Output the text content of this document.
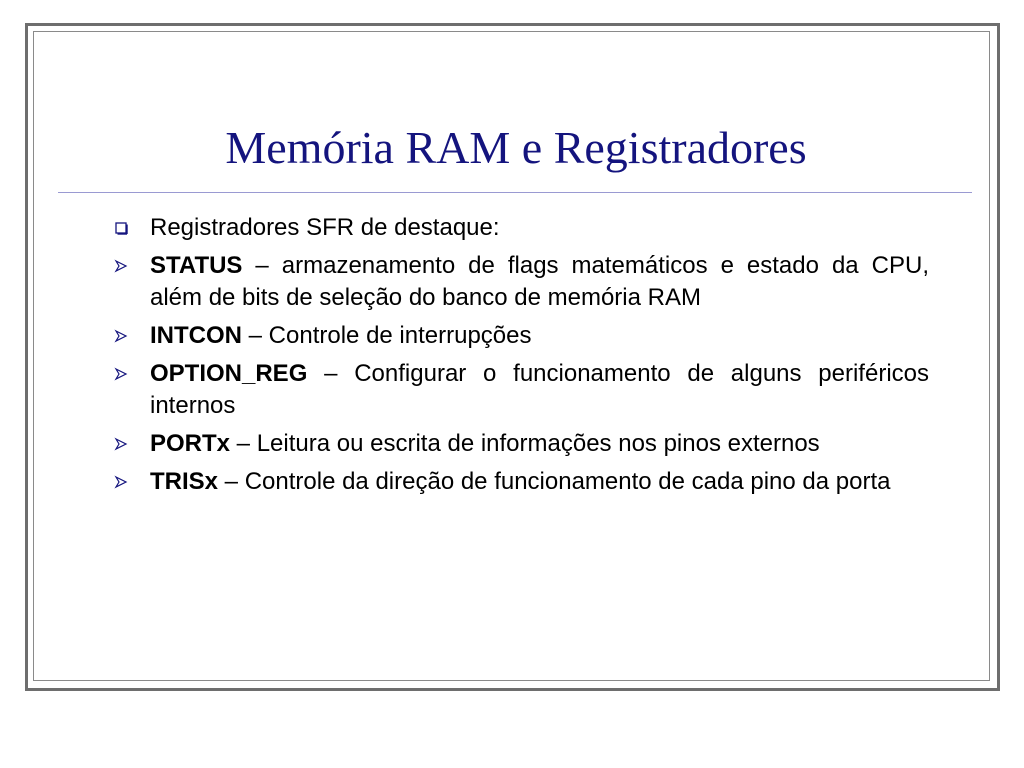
Memória RAM e Registradores
Registradores SFR de destaque:
STATUS – armazenamento de flags matemáticos e estado da CPU, além de bits de seleção do banco de memória RAM
INTCON – Controle de interrupções
OPTION_REG – Configurar o funcionamento de alguns periféricos internos
PORTx – Leitura ou escrita de informações nos pinos externos
TRISx – Controle da direção de funcionamento de cada pino da porta
